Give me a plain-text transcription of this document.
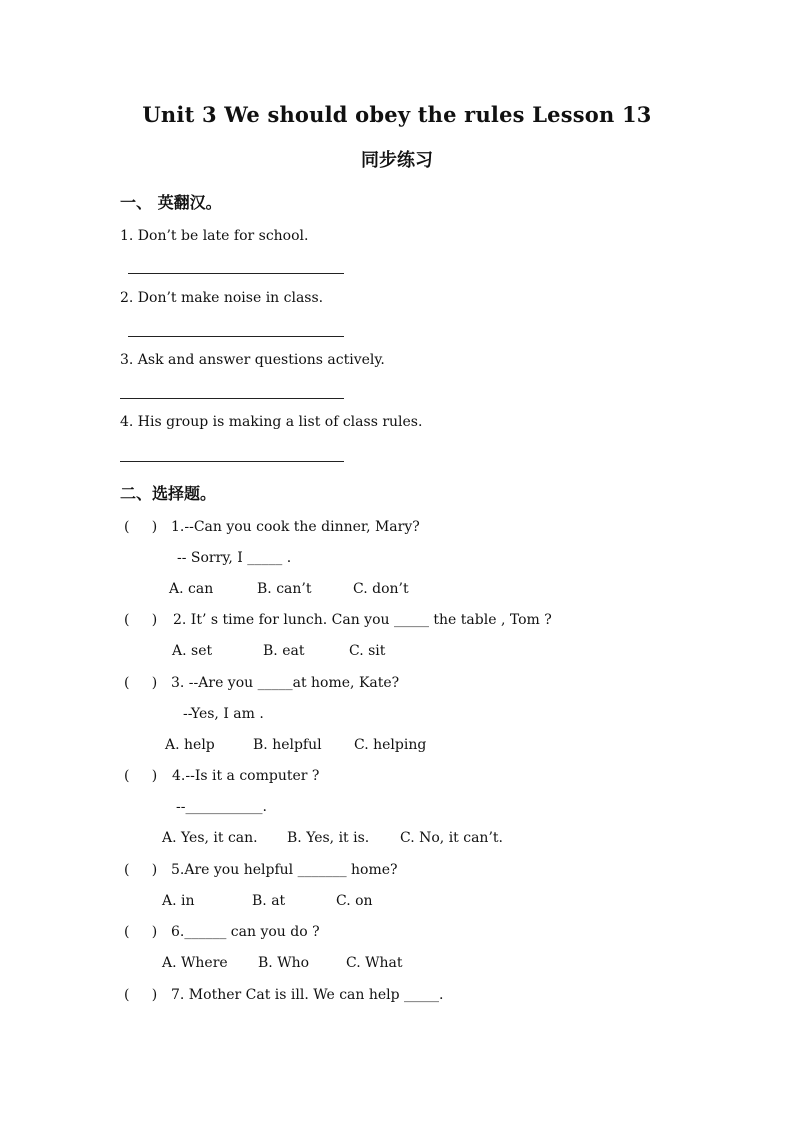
Unit 3 We should obey the rules Lesson 13
同步练习
一、 英翻汉。
1. Don’t be late for school.
2. Don’t make noise in class.
3. Ask and answer questions actively.
4. His group is making a list of class rules.
二、选择题。
(     ) 1.--Can you cook the dinner, Mary?
-- Sorry, I _____ .
A. can	B. can’t	C. don’t
(     ) 2. It’ s time for lunch. Can you _____ the table , Tom ?
A. set	B. eat	C. sit
(     ) 3. --Are you _____at home, Kate?
--Yes, I am .
A. help	B. helpful C. helping
(     ) 4.--Is it a computer ?
--___________.
A. Yes, it can. B. Yes, it is. C. No, it can’t.
(     ) 5.Are you helpful _______ home?
A. in	B. at	C. on
(     ) 6.______ can you do ?
A. Where B. Who	C. What
(     ) 7. Mother Cat is ill. We can help _____.
